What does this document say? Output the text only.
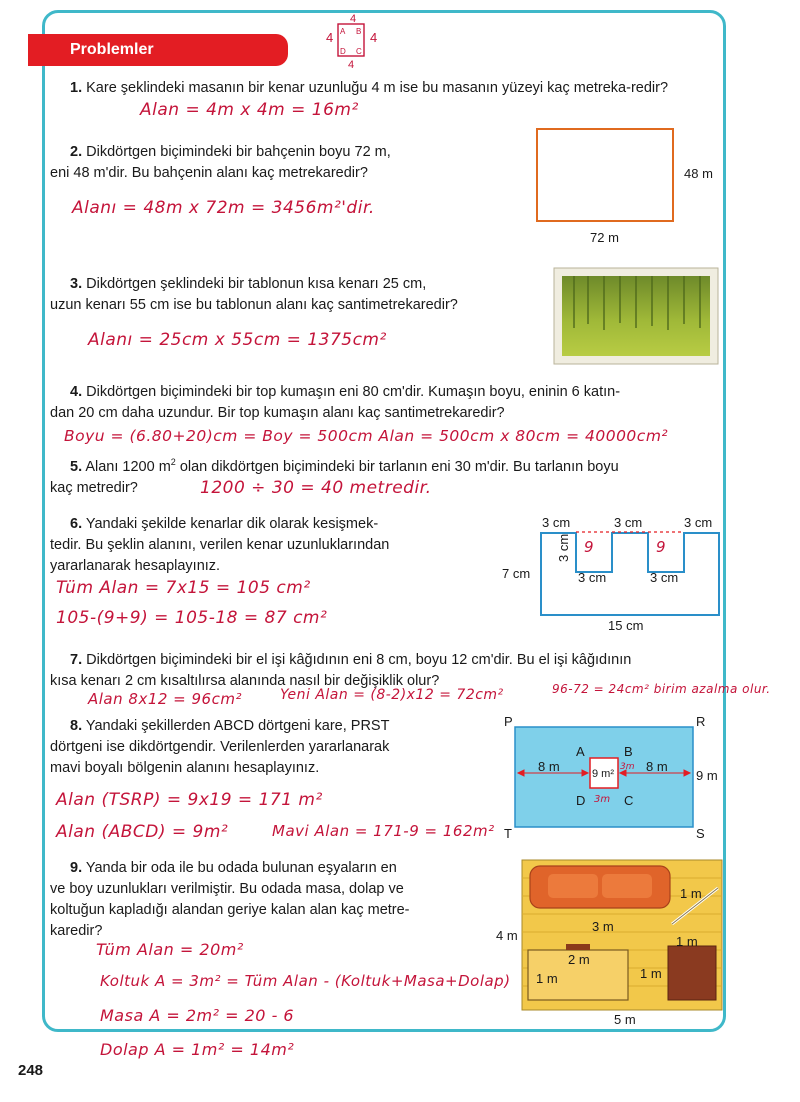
Problemler
4
4	4
4
A B
D C

1. Kare şeklindeki masanın bir kenar uzunluğu 4 m ise bu masanın yüzeyi kaç metreka-redir?

Alan = 4m x 4m = 16m²

2. Dikdörtgen biçimindeki bir bahçenin boyu 72 m,
eni 48 m'dir. Bu bahçenin alanı kaç metrekaredir?

Alanı = 48m x 72m = 3456m²'dir.
48 m
72 m

3. Dikdörtgen şeklindeki bir tablonun kısa kenarı 25 cm,
uzun kenarı 55 cm ise bu tablonun alanı kaç santimetrekaredir?

Alanı = 25cm x 55cm = 1375cm²

4. Dikdörtgen biçimindeki bir top kumaşın eni 80 cm'dir. Kumaşın boyu, eninin 6 katın-
dan 20 cm daha uzundur. Bir top kumaşın alanı kaç santimetrekaredir?

Boyu = (6.80+20)cm = Boy = 500cm Alan = 500cm x 80cm = 40000cm²

5. Alanı 1200 $m^2$ olan dikdörtgen biçimindeki bir tarlanın eni 30 m'dir. Bu tarlanın boyu
kaç metredir?	1200 ÷ 30 = 40 metredir.

6. Yandaki şekilde kenarlar dik olarak kesişmek-
tedir. Bu şeklin alanını, verilen kenar uzunluklarından
yararlanarak hesaplayınız.

Tüm Alan = 7x15 = 105 cm²
105-(9+9) = 105-18 = 87 cm²
3 cm	3 cm	3 cm
3 cm
7 cm	3 cm	3 cm
15 cm
9	9

7. Dikdörtgen biçimindeki bir el işi kâğıdının eni 8 cm, boyu 12 cm'dir. Bu el işi kâğıdının
kısa kenarı 2 cm kısaltılırsa alanında nasıl bir değişiklik olur?

Alan 8x12 = 96cm²	Yeni Alan = (8-2)x12 = 72cm²	96-72 = 24cm² birim azalma olur.

8. Yandaki şekillerden ABCD dörtgeni kare, PRST
dörtgeni ise dikdörtgendir. Verilenlerden yararlanarak
mavi boyalı bölgenin alanını hesaplayınız.

Alan (TSRP) = 9x19 = 171 m²
Alan (ABCD) = 9m²	Mavi Alan = 171-9 = 162m²
P	R
T	S
A	B
D	C
8 m	8 m
9 m²	9 m
3m
3m

9. Yanda bir oda ile bu odada bulunan eşyaların en
ve boy uzunlukları verilmiştir. Bu odada masa, dolap ve
koltuğun kapladığı alandan geriye kalan alan kaç metre-
karedir?

Tüm Alan = 20m²
Koltuk A = 3m² = Tüm Alan - (Koltuk+Masa+Dolap)
Masa A = 2m² = 20 - 6
Dolap A = 1m² = 14m²
4 m
5 m
3 m
2 m
1 m
1 m
1 m
1 m
248
